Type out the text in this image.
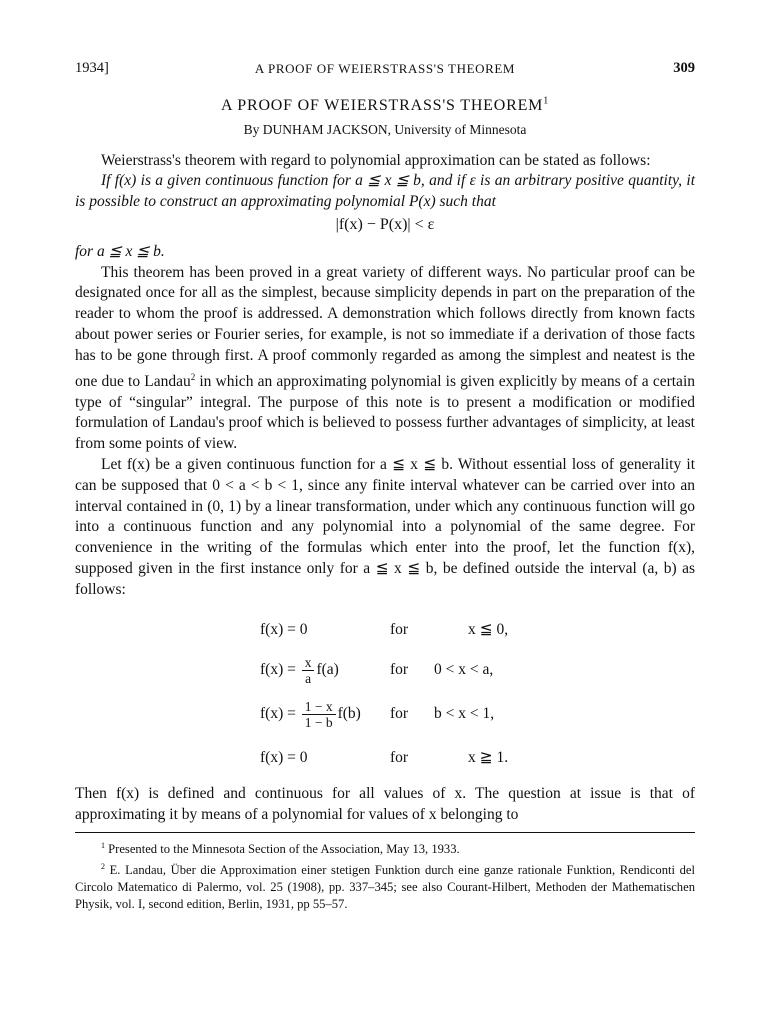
1934]	A PROOF OF WEIERSTRASS'S THEOREM	309
A PROOF OF WEIERSTRASS'S THEOREM$^1$
By DUNHAM JACKSON, University of Minnesota

Weierstrass's theorem with regard to polynomial approximation can be stated as follows:

If f(x) is a given continuous function for a ≦ x ≦ b, and if ε is an arbitrary positive quantity, it is possible to construct an approximating polynomial P(x) such that

|f(x) − P(x)| < ε

for a ≦ x ≦ b.

This theorem has been proved in a great variety of different ways. No particular proof can be designated once for all as the simplest, because simplicity depends in part on the preparation of the reader to whom the proof is addressed. A demonstration which follows directly from known facts about power series or Fourier series, for example, is not so immediate if a derivation of those facts has to be gone through first. A proof commonly regarded as among the simplest and neatest is the one due to Landau$^2$ in which an approximating polynomial is given explicitly by means of a certain type of “singular” integral. The purpose of this note is to present a modification or modified formulation of Landau's proof which is believed to possess further advantages of simplicity, at least from some points of view.

Let f(x) be a given continuous function for a ≦ x ≦ b. Without essential loss of generality it can be supposed that 0 < a < b < 1, since any finite interval whatever can be carried over into an interval contained in (0, 1) by a linear transformation, under which any continuous function will go into a continuous function and any polynomial into a polynomial of the same degree. For convenience in the writing of the formulas which enter into the proof, let the function f(x), supposed given in the first instance only for a ≦ x ≦ b, be defined outside the interval (a, b) as follows:

f(x) = 0	for	x ≦ 0,
$f(x) = \frac{x}{a} f(a)$	for	0 < x < a,
$f(x) = \frac{1 - x}{1 - b} f(b)$	for	b < x < 1,
f(x) = 0	for	x ≧ 1.

Then f(x) is defined and continuous for all values of x. The question at issue is that of approximating it by means of a polynomial for values of x belonging to

$^1$ Presented to the Minnesota Section of the Association, May 13, 1933.

$^2$ E. Landau, Über die Approximation einer stetigen Funktion durch eine ganze rationale Funktion, Rendiconti del Circolo Matematico di Palermo, vol. 25 (1908), pp. 337–345; see also Courant-Hilbert, Methoden der Mathematischen Physik, vol. I, second edition, Berlin, 1931, pp 55–57.
